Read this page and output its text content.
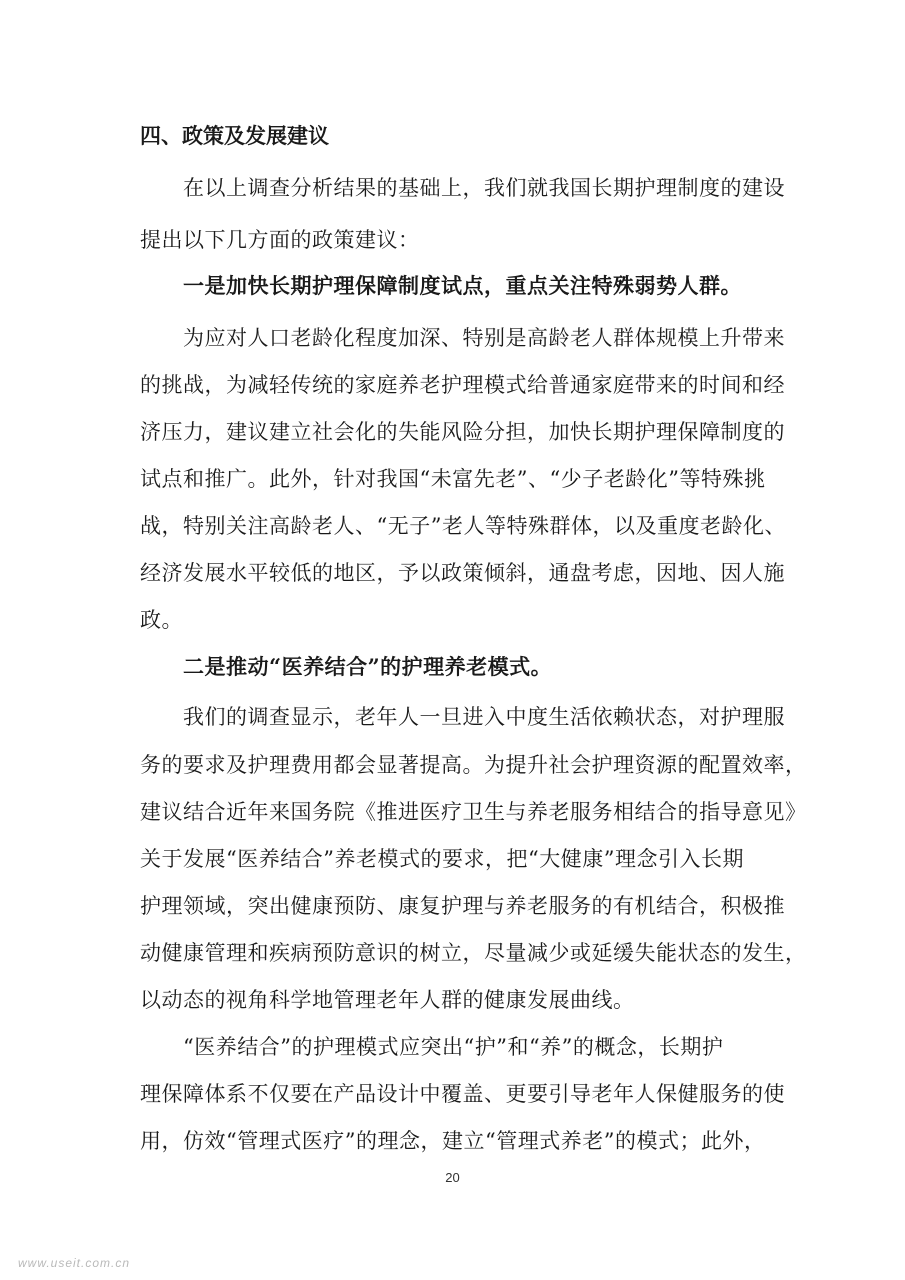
四、政策及发展建议
在以上调查分析结果的基础上，我们就我国长期护理制度的建设
提出以下几方面的政策建议：
一是加快长期护理保障制度试点，重点关注特殊弱势人群。
为应对人口老龄化程度加深、特别是高龄老人群体规模上升带来
的挑战，为减轻传统的家庭养老护理模式给普通家庭带来的时间和经
济压力，建议建立社会化的失能风险分担，加快长期护理保障制度的
试点和推广。此外，针对我国“未富先老”、“少子老龄化”等特殊挑
战，特别关注高龄老人、“无子”老人等特殊群体，以及重度老龄化、
经济发展水平较低的地区，予以政策倾斜，通盘考虑，因地、因人施
政。
二是推动“医养结合”的护理养老模式。
我们的调查显示，老年人一旦进入中度生活依赖状态，对护理服
务的要求及护理费用都会显著提高。为提升社会护理资源的配置效率，
建议结合近年来国务院《推进医疗卫生与养老服务相结合的指导意见》
关于发展“医养结合”养老模式的要求，把“大健康”理念引入长期
护理领域，突出健康预防、康复护理与养老服务的有机结合，积极推
动健康管理和疾病预防意识的树立，尽量减少或延缓失能状态的发生，
以动态的视角科学地管理老年人群的健康发展曲线。
“医养结合”的护理模式应突出“护”和“养”的概念，长期护
理保障体系不仅要在产品设计中覆盖、更要引导老年人保健服务的使
用，仿效“管理式医疗”的理念，建立“管理式养老”的模式；此外，
20
www.useit.com.cn
